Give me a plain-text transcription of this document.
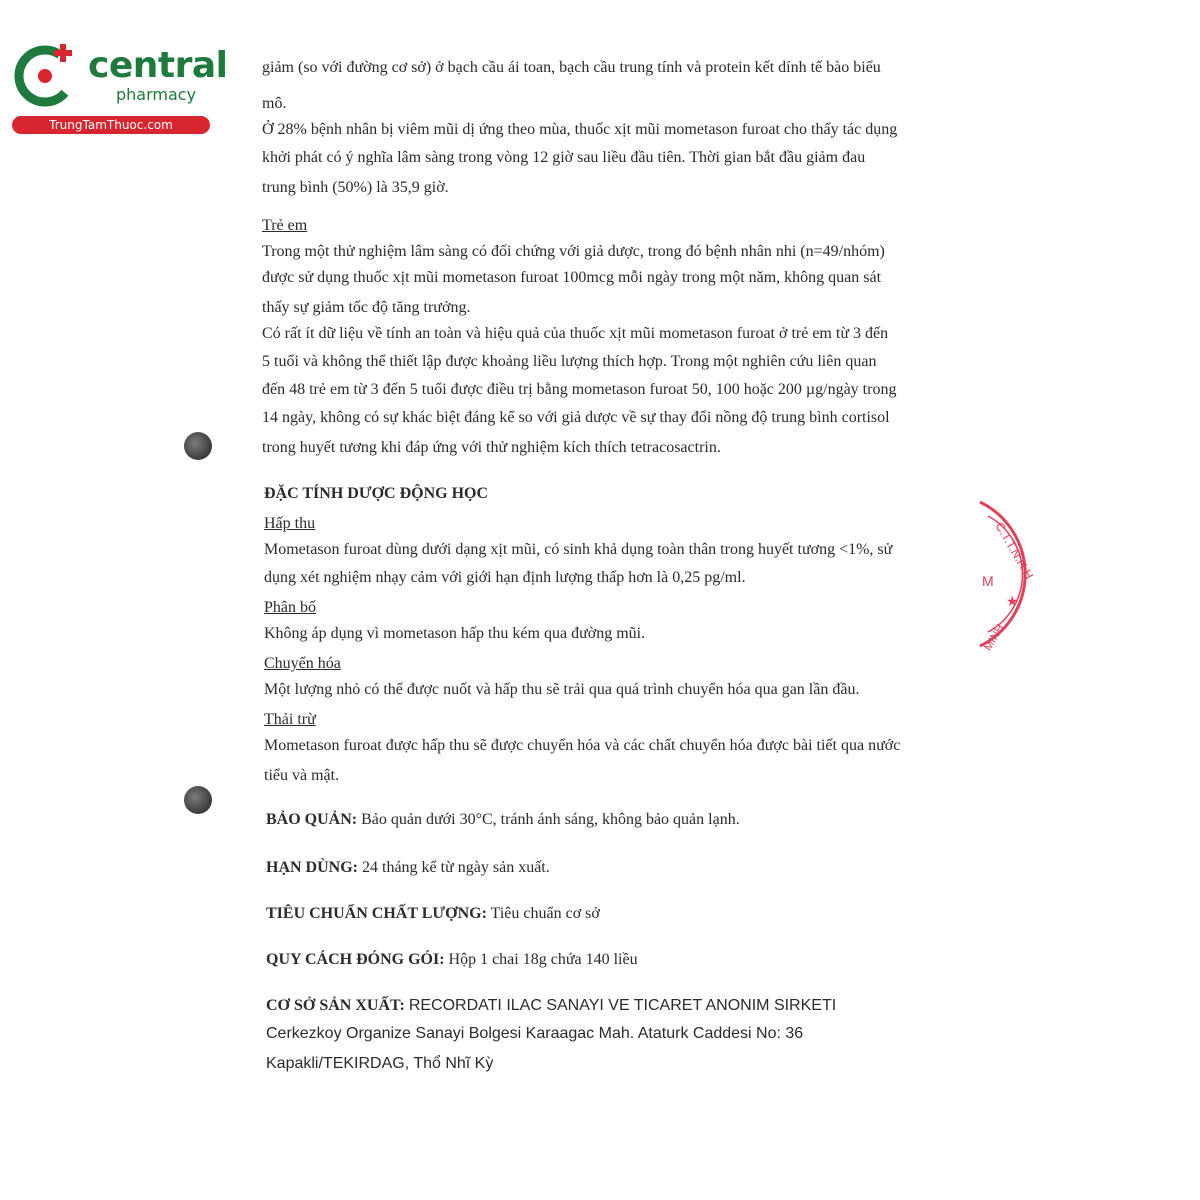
central
pharmacy
TrungTamThuoc.com
C.T.T.N.H.H
M
MINH
★
giảm (so với đường cơ sở) ở bạch cầu ái toan, bạch cầu trung tính và protein kết dính tế bào biểu
mô.
Ở 28% bệnh nhân bị viêm mũi dị ứng theo mùa, thuốc xịt mũi mometason furoat cho thấy tác dụng
khởi phát có ý nghĩa lâm sàng trong vòng 12 giờ sau liều đầu tiên. Thời gian bắt đầu giảm đau
trung bình (50%) là 35,9 giờ.
Trẻ em
Trong một thử nghiệm lâm sàng có đối chứng với giả dược, trong đó bệnh nhân nhi (n=49/nhóm)
được sử dụng thuốc xịt mũi mometason furoat 100mcg mỗi ngày trong một năm, không quan sát
thấy sự giảm tốc độ tăng trưởng.
Có rất ít dữ liệu về tính an toàn và hiệu quả của thuốc xịt mũi mometason furoat ở trẻ em từ 3 đến
5 tuổi và không thể thiết lập được khoảng liều lượng thích hợp. Trong một nghiên cứu liên quan
đến 48 trẻ em từ 3 đến 5 tuổi được điều trị bằng mometason furoat 50, 100 hoặc 200 µg/ngày trong
14 ngày, không có sự khác biệt đáng kể so với giả dược về sự thay đổi nồng độ trung bình cortisol
trong huyết tương khi đáp ứng với thử nghiệm kích thích tetracosactrin.
ĐẶC TÍNH DƯỢC ĐỘNG HỌC
Hấp thu
Mometason furoat dùng dưới dạng xịt mũi, có sinh khả dụng toàn thân trong huyết tương <1%, sử
dụng xét nghiệm nhạy cảm với giới hạn định lượng thấp hơn là 0,25 pg/ml.
Phân bố
Không áp dụng vì mometason hấp thu kém qua đường mũi.
Chuyển hóa
Một lượng nhỏ có thể được nuốt và hấp thu sẽ trải qua quá trình chuyển hóa qua gan lần đầu.
Thải trừ
Mometason furoat được hấp thu sẽ được chuyển hóa và các chất chuyển hóa được bài tiết qua nước
tiểu và mật.
BẢO QUẢN: Bảo quản dưới 30°C, tránh ánh sáng, không bảo quản lạnh.
HẠN DÙNG: 24 tháng kể từ ngày sản xuất.
TIÊU CHUẨN CHẤT LƯỢNG: Tiêu chuẩn cơ sở
QUY CÁCH ĐÓNG GÓI: Hộp 1 chai 18g chứa 140 liều
CƠ SỞ SẢN XUẤT: RECORDATI ILAC SANAYI VE TICARET ANONIM SIRKETI
Cerkezkoy Organize Sanayi Bolgesi Karaagac Mah. Ataturk Caddesi No: 36
Kapakli/TEKIRDAG, Thổ Nhĩ Kỳ
